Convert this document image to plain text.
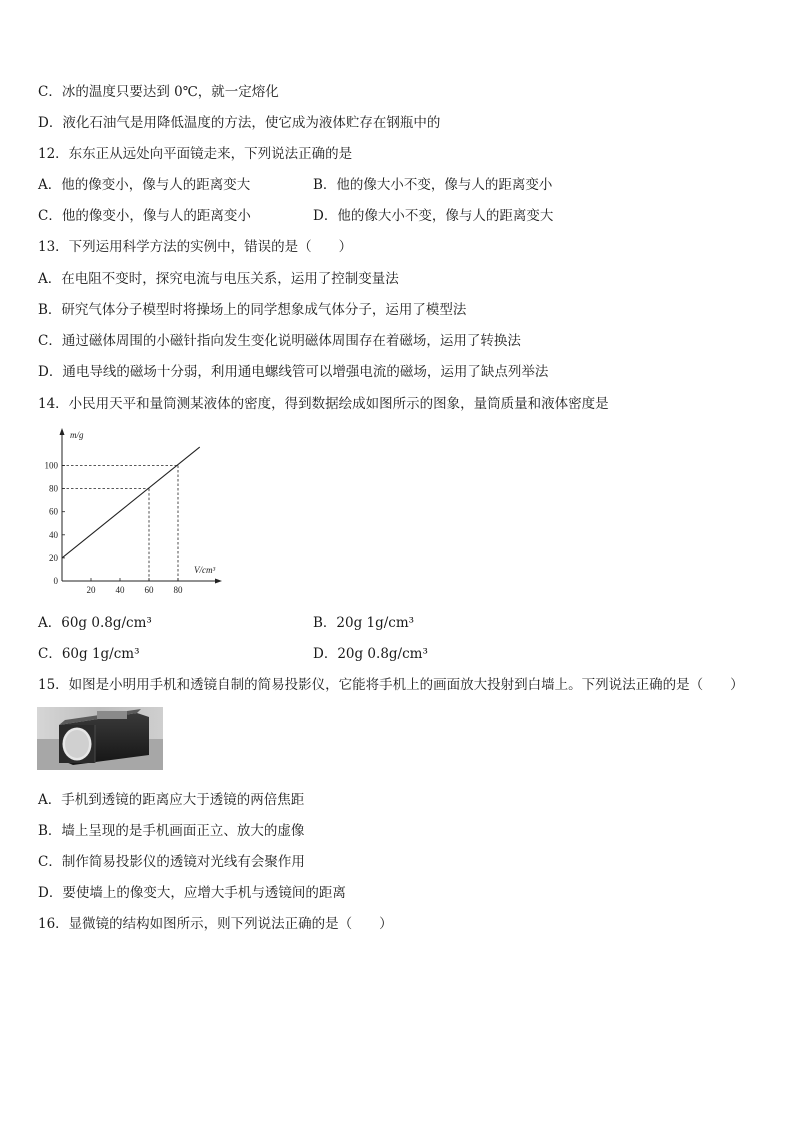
C．冰的温度只要达到 0℃，就一定熔化
D．液化石油气是用降低温度的方法，使它成为液体贮存在钢瓶中的
12．东东正从远处向平面镜走来，下列说法正确的是
A．他的像变小，像与人的距离变大	B．他的像大小不变，像与人的距离变小
C．他的像变小，像与人的距离变小	D．他的像大小不变，像与人的距离变大
13．下列运用科学方法的实例中，错误的是（　　）
A．在电阻不变时，探究电流与电压关系，运用了控制变量法
B．研究气体分子模型时将操场上的同学想象成气体分子，运用了模型法
C．通过磁体周围的小磁针指向发生变化说明磁体周围存在着磁场，运用了转换法
D．通电导线的磁场十分弱，利用通电螺线管可以增强电流的磁场，运用了缺点列举法
14．小民用天平和量筒测某液体的密度，得到数据绘成如图所示的图象，量筒质量和液体密度是
m/g
V/cm³
0
20
40
60
80
100
20 40 60 80
A．60g 0.8g/cm³	B．20g 1g/cm³
C．60g 1g/cm³	D．20g 0.8g/cm³
15．如图是小明用手机和透镜自制的简易投影仪，它能将手机上的画面放大投射到白墙上。下列说法正确的是（　　）
A．手机到透镜的距离应大于透镜的两倍焦距
B．墙上呈现的是手机画面正立、放大的虚像
C．制作简易投影仪的透镜对光线有会聚作用
D．要使墙上的像变大，应增大手机与透镜间的距离
16．显微镜的结构如图所示，则下列说法正确的是（　　）
